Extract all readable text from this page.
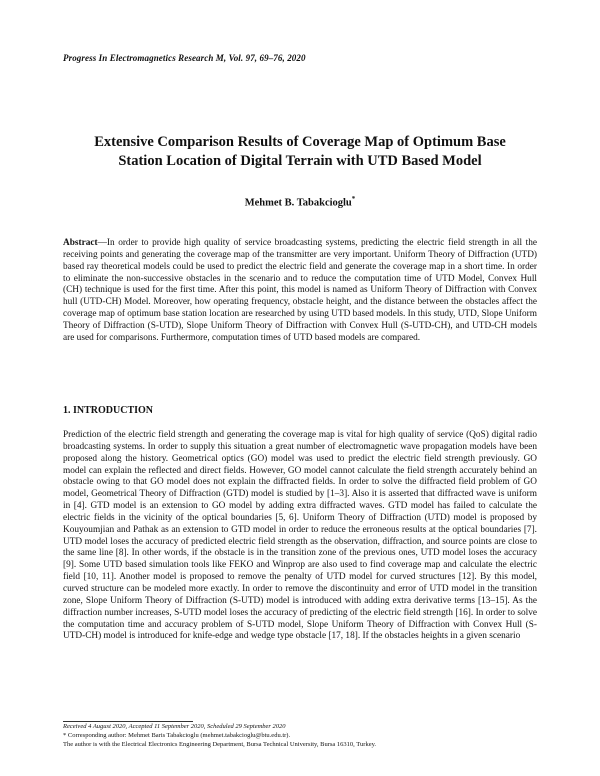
Progress In Electromagnetics Research M, Vol. 97, 69–76, 2020
Extensive Comparison Results of Coverage Map of Optimum Base
Station Location of Digital Terrain with UTD Based Model
Mehmet B. Tabakcioglu*
Abstract—In order to provide high quality of service broadcasting systems, predicting the electric field strength in all the receiving points and generating the coverage map of the transmitter are very important. Uniform Theory of Diffraction (UTD) based ray theoretical models could be used to predict the electric field and generate the coverage map in a short time. In order to eliminate the non-successive obstacles in the scenario and to reduce the computation time of UTD Model, Convex Hull (CH) technique is used for the first time. After this point, this model is named as Uniform Theory of Diffraction with Convex hull (UTD-CH) Model. Moreover, how operating frequency, obstacle height, and the distance between the obstacles affect the coverage map of optimum base station location are researched by using UTD based models. In this study, UTD, Slope Uniform Theory of Diffraction (S-UTD), Slope Uniform Theory of Diffraction with Convex Hull (S-UTD-CH), and UTD-CH models are used for comparisons. Furthermore, computation times of UTD based models are compared.
1. INTRODUCTION
Prediction of the electric field strength and generating the coverage map is vital for high quality of service (QoS) digital radio broadcasting systems. In order to supply this situation a great number of electromagnetic wave propagation models have been proposed along the history. Geometrical optics (GO) model was used to predict the electric field strength previously. GO model can explain the reflected and direct fields. However, GO model cannot calculate the field strength accurately behind an obstacle owing to that GO model does not explain the diffracted fields. In order to solve the diffracted field problem of GO model, Geometrical Theory of Diffraction (GTD) model is studied by [1–3]. Also it is asserted that diffracted wave is uniform in [4]. GTD model is an extension to GO model by adding extra diffracted waves. GTD model has failed to calculate the electric fields in the vicinity of the optical boundaries [5, 6]. Uniform Theory of Diffraction (UTD) model is proposed by Kouyoumjian and Pathak as an extension to GTD model in order to reduce the erroneous results at the optical boundaries [7]. UTD model loses the accuracy of predicted electric field strength as the observation, diffraction, and source points are close to the same line [8]. In other words, if the obstacle is in the transition zone of the previous ones, UTD model loses the accuracy [9]. Some UTD based simulation tools like FEKO and Winprop are also used to find coverage map and calculate the electric field [10, 11]. Another model is proposed to remove the penalty of UTD model for curved structures [12]. By this model, curved structure can be modeled more exactly. In order to remove the discontinuity and error of UTD model in the transition zone, Slope Uniform Theory of Diffraction (S-UTD) model is introduced with adding extra derivative terms [13–15]. As the diffraction number increases, S-UTD model loses the accuracy of predicting of the electric field strength [16]. In order to solve the computation time and accuracy problem of S-UTD model, Slope Uniform Theory of Diffraction with Convex Hull (S-UTD-CH) model is introduced for knife-edge and wedge type obstacle [17, 18]. If the obstacles heights in a given scenario
Received 4 August 2020, Accepted 11 September 2020, Scheduled 29 September 2020
* Corresponding author: Mehmet Baris Tabakcioglu (mehmet.tabakcioglu@btu.edu.tr).
The author is with the Electrical Electronics Engineering Department, Bursa Technical University, Bursa 16310, Turkey.
